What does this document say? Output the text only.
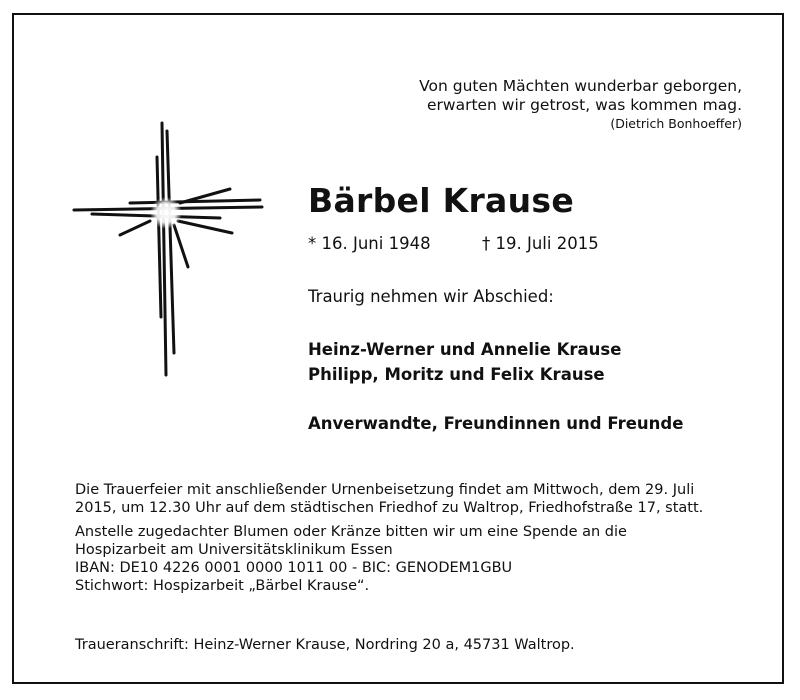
Von guten Mächten wunderbar geborgen,
erwarten wir getrost, was kommen mag.
(Dietrich Bonhoeffer)
Bärbel Krause
* 16. Juni 1948	† 19. Juli 2015
Traurig nehmen wir Abschied:
Heinz-Werner und Annelie Krause
Philipp, Moritz und Felix Krause
Anverwandte, Freundinnen und Freunde

Die Trauerfeier mit anschließender Urnenbeisetzung findet am Mittwoch, dem 29. Juli
2015, um 12.30 Uhr auf dem städtischen Friedhof zu Waltrop, Friedhofstraße 17, statt.

Anstelle zugedachter Blumen oder Kränze bitten wir um eine Spende an die
Hospizarbeit am Universitätsklinikum Essen
IBAN: DE10 4226 0001 0000 1011 00 - BIC: GENODEM1GBU
Stichwort: Hospizarbeit „Bärbel Krause“.

Traueranschrift: Heinz-Werner Krause, Nordring 20 a, 45731 Waltrop.
